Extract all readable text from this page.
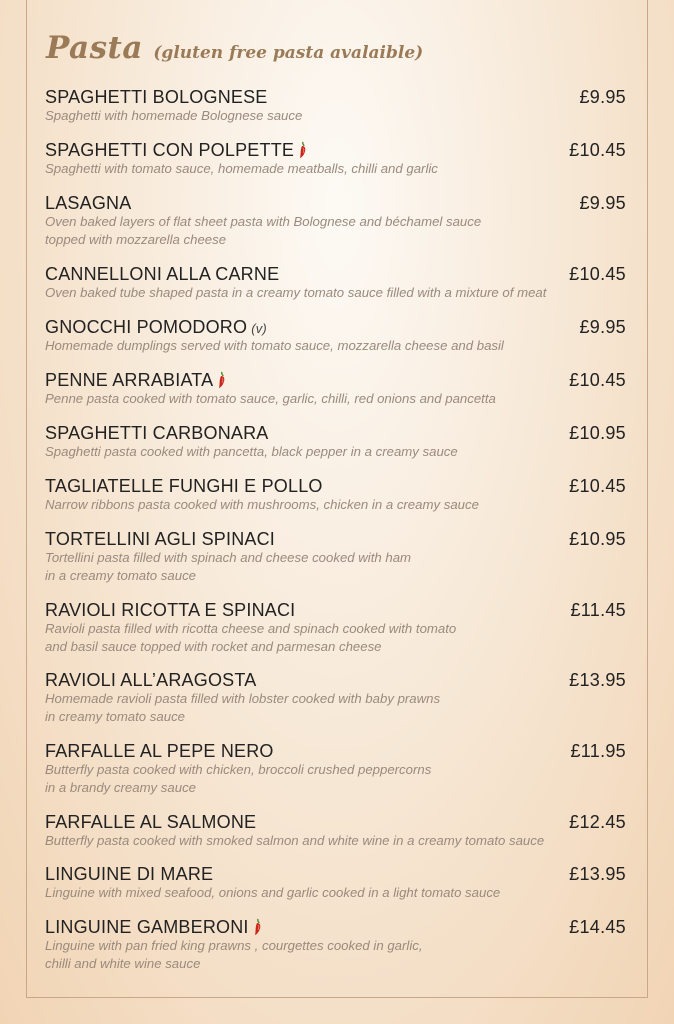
Pasta (gluten free pasta avalaible)
SPAGHETTI BOLOGNESE	£9.95
Spaghetti with homemade Bolognese sauce
SPAGHETTI CON POLPETTE	£10.45
Spaghetti with tomato sauce, homemade meatballs, chilli and garlic
LASAGNA	£9.95
Oven baked layers of flat sheet pasta with Bolognese and béchamel sauce
topped with mozzarella cheese
CANNELLONI ALLA CARNE	£10.45
Oven baked tube shaped pasta in a creamy tomato sauce filled with a mixture of meat
GNOCCHI POMODORO (v)	£9.95
Homemade dumplings served with tomato sauce, mozzarella cheese and basil
PENNE ARRABIATA	£10.45
Penne pasta cooked with tomato sauce, garlic, chilli, red onions and pancetta
SPAGHETTI CARBONARA	£10.95
Spaghetti pasta cooked with pancetta, black pepper in a creamy sauce
TAGLIATELLE FUNGHI E POLLO	£10.45
Narrow ribbons pasta cooked with mushrooms, chicken in a creamy sauce
TORTELLINI AGLI SPINACI	£10.95
Tortellini pasta filled with spinach and cheese cooked with ham
in a creamy tomato sauce
RAVIOLI RICOTTA E SPINACI	£11.45
Ravioli pasta filled with ricotta cheese and spinach cooked with tomato
and basil sauce topped with rocket and parmesan cheese
RAVIOLI ALL’ARAGOSTA	£13.95
Homemade ravioli pasta filled with lobster cooked with baby prawns
in creamy tomato sauce
FARFALLE AL PEPE NERO	£11.95
Butterfly pasta cooked with chicken, broccoli crushed peppercorns
in a brandy creamy sauce
FARFALLE AL SALMONE	£12.45
Butterfly pasta cooked with smoked salmon and white wine in a creamy tomato sauce
LINGUINE DI MARE	£13.95
Linguine with mixed seafood, onions and garlic cooked in a light tomato sauce
LINGUINE GAMBERONI	£14.45
Linguine with pan fried king prawns , courgettes cooked in garlic,
chilli and white wine sauce
